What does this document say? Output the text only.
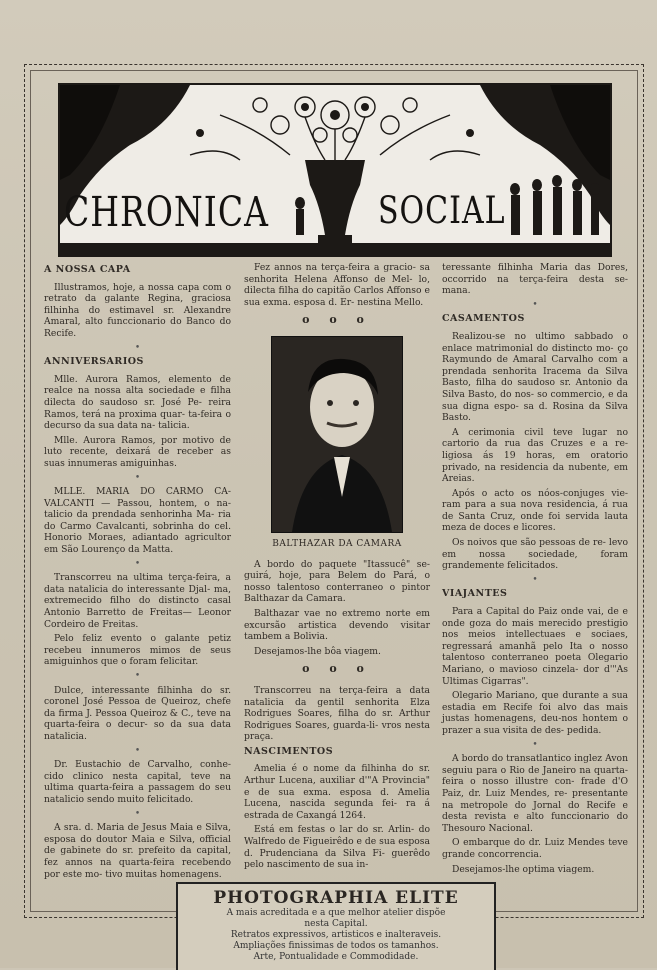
CHRONICA	SOCIAL
A NOSSA CAPA

Illustramos, hoje, a nossa capa com o retrato da galante Regina, graciosa filhinha do estimavel sr. Alexandre Amaral, alto funccionario do Banco do Recife.

•
ANNIVERSARIOS

Mlle. Aurora Ramos, elemento de realce na nossa alta sociedade e filha dilecta do saudoso sr. José Pe- reira Ramos, terá na proxima quar- ta-feira o decurso da sua data na- talicia.

Mlle. Aurora Ramos, por motivo de luto recente, deixará de receber as suas innumeras amiguinhas.

•

MLLE. MARIA DO CARMO CA- VALCANTI — Passou, hontem, o na- talicio da prendada senhorinha Ma- ria do Carmo Cavalcanti, sobrinha do cel. Honorio Moraes, adiantado agricultor em São Lourenço da Matta.

•

Transcorreu na ultima terça-feira, a data natalicia do interessante Djal- ma, extremecido filho do distincto casal Antonio Barretto de Freitas— Leonor Cordeiro de Freitas.

Pelo feliz evento o galante petiz recebeu innumeros mimos de seus amiguinhos que o foram felicitar.

•

Dulce, interessante filhinha do sr. coronel José Pessoa de Queiroz, chefe da firma J. Pessoa Queiroz & C., teve na quarta-feira o decur- so da sua data natalicia.

•

Dr. Eustachio de Carvalho, conhe- cido clinico nesta capital, teve na ultima quarta-feira a passagem do seu natalicio sendo muito felicitado.

•

A sra. d. Maria de Jesus Maia e Silva, esposa do doutor Maia e Silva, official de gabinete do sr. prefeito da capital, fez annos na quarta-feira recebendo por este mo- tivo muitas homenagens.

Fez annos na terça-feira a gracio- sa senhorita Helena Affonso de Mel- lo, dilecta filha do capitão Carlos Affonso e sua exma. esposa d. Er- nestina Mello.

o o o
BALTHAZAR DA CAMARA

A bordo do paquete "Itassucê" se- guirá, hoje, para Belem do Pará, o nosso talentoso conterraneo o pintor Balthazar da Camara.

Balthazar vae no extremo norte em excursão artistica devendo visitar tambem a Bolivia.

Desejamos-lhe bôa viagem.

o o o

Transcorreu na terça-feira a data natalicia da gentil senhorita Elza Rodrigues Soares, filha do sr. Arthur Rodrigues Soares, guarda-li- vros nesta praça.

NASCIMENTOS

Amelia é o nome da filhinha do sr. Arthur Lucena, auxiliar d'"A Provincia" e de sua exma. esposa d. Amelia Lucena, nascida segunda fei- ra á estrada de Caxangá 1264.

Está em festas o lar do sr. Arlin- do Walfredo de Figueirêdo e de sua esposa d. Prudenciana da Silva Fi- guerêdo pelo nascimento de sua in-

teressante filhinha Maria das Dores, occorrido na terça-feira desta se- mana.

•
CASAMENTOS

Realizou-se no ultimo sabbado o enlace matrimonial do distincto mo- ço Raymundo de Amaral Carvalho com a prendada senhorita Iracema da Silva Basto, filha do saudoso sr. Antonio da Silva Basto, do nos- so commercio, e da sua digna espo- sa d. Rosina da Silva Basto.

A cerimonia civil teve lugar no cartorio da rua das Cruzes e a re- ligiosa ás 19 horas, em oratorio privado, na residencia da nubente, em Areias.

Após o acto os nóos-conjuges vie- ram para a sua nova residencia, á rua de Santa Cruz, onde foi servida lauta meza de doces e licores.

Os noivos que são pessoas de re- levo em nossa sociedade, foram grandemente felicitados.

•
VIAJANTES

Para a Capital do Paiz onde vai, de e onde goza do mais merecido prestigio nos meios intellectuaes e sociaes, regressará amanhã pelo Ita o nosso talentoso conterraneo poeta Olegario Mariano, o mavioso cinzela- dor d'"As Ultimas Cigarras".

Olegario Mariano, que durante a sua estadia em Recife foi alvo das mais justas homenagens, deu-nos hontem o prazer a sua visita de des- pedida.

•

A bordo do transatlantico inglez Avon seguiu para o Rio de Janeiro na quarta-feira o nosso illustre con- frade d'O Paiz, dr. Luiz Mendes, re- presentante na metropole do Jornal do Recife e desta revista e alto funccionario do Thesouro Nacional.

O embarque do dr. Luiz Mendes teve grande concorrencia.

Desejamos-lhe optima viagem.

PHOTOGRAPHIA ELITE
A mais acreditada e a que melhor atelier dispõe
nesta Capital.
Retratos expressivos, artisticos e inalteraveis.
Ampliações finissimas de todos os tamanhos.
Arte, Pontualidade e Commodidade.
